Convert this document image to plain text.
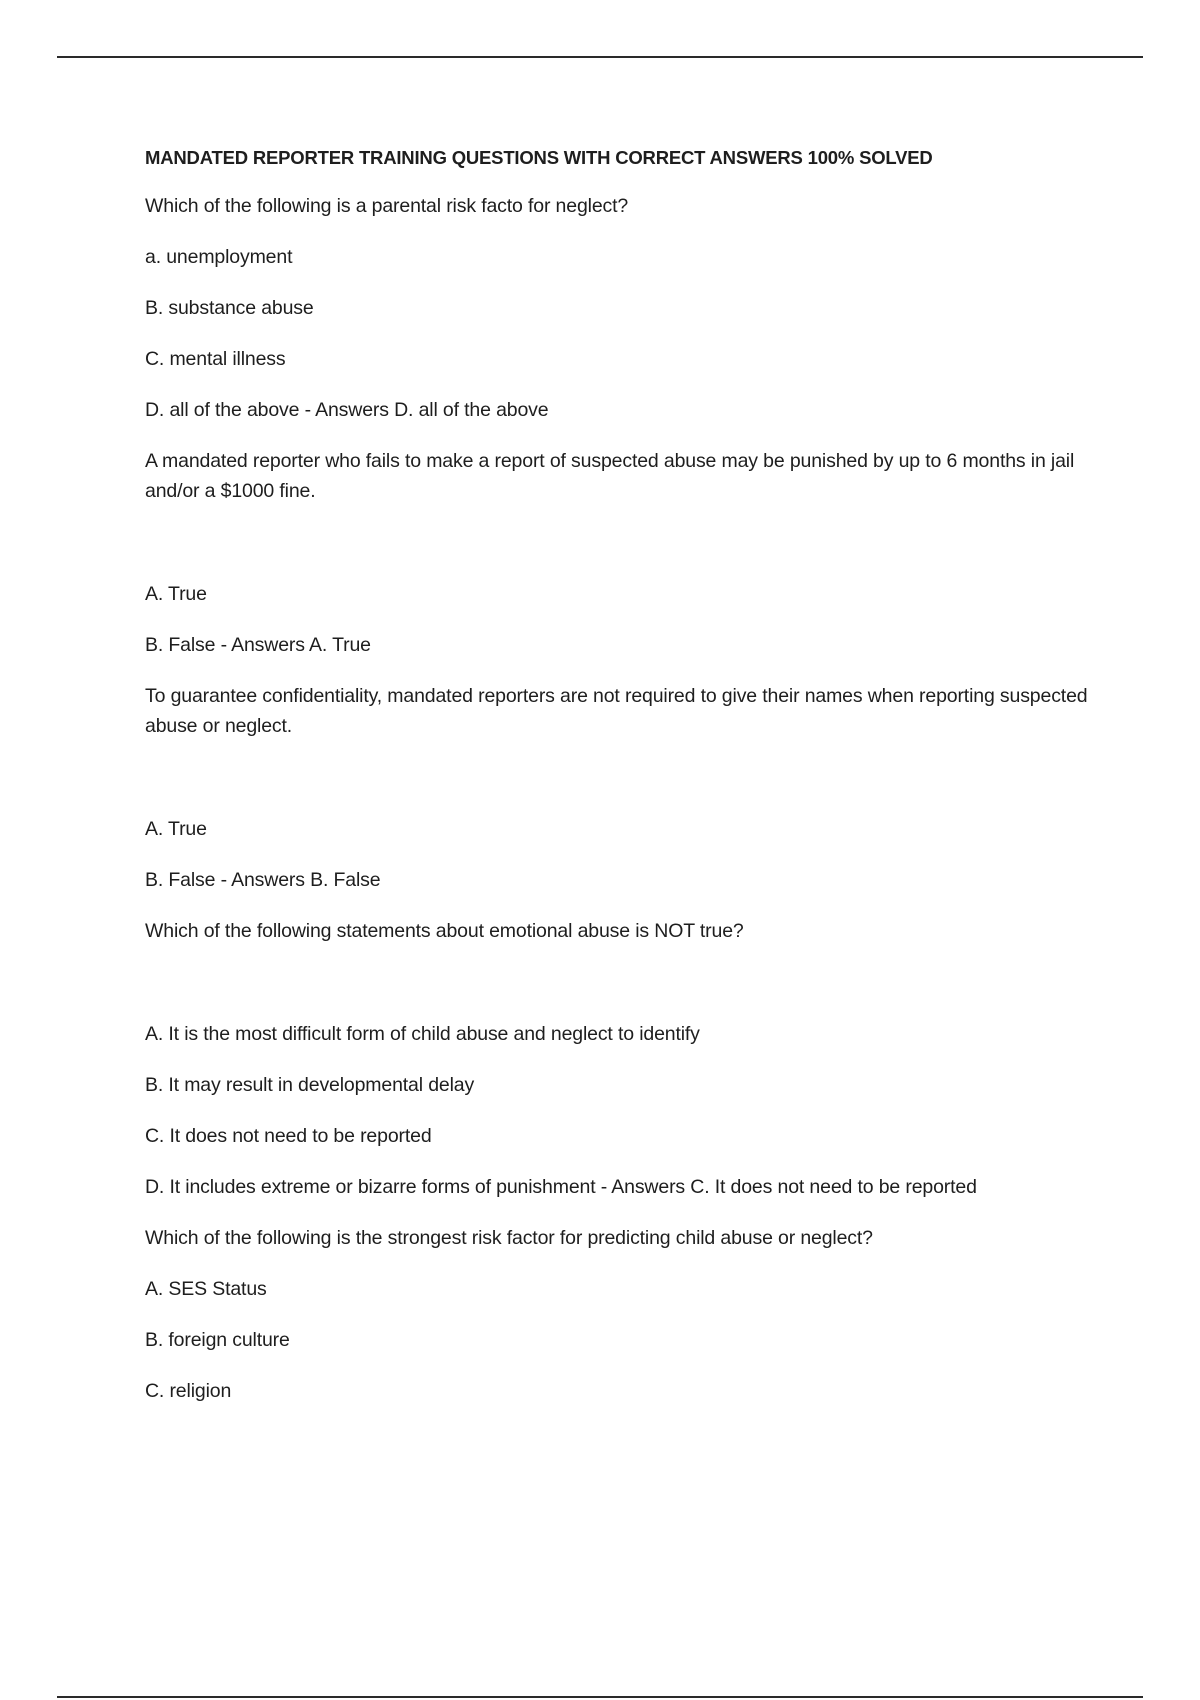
MANDATED REPORTER TRAINING QUESTIONS WITH CORRECT ANSWERS 100% SOLVED
Which of the following is a parental risk facto for neglect?
a. unemployment
B. substance abuse
C. mental illness
D. all of the above - Answers D. all of the above
A mandated reporter who fails to make a report of suspected abuse may be punished by up to 6 months in jail and/or a $1000 fine.
A. True
B. False - Answers A. True
To guarantee confidentiality, mandated reporters are not required to give their names when reporting suspected abuse or neglect.
A. True
B. False - Answers B. False
Which of the following statements about emotional abuse is NOT true?
A. It is the most difficult form of child abuse and neglect to identify
B. It may result in developmental delay
C. It does not need to be reported
D. It includes extreme or bizarre forms of punishment - Answers C. It does not need to be reported
Which of the following is the strongest risk factor for predicting child abuse or neglect?
A. SES Status
B. foreign culture
C. religion
